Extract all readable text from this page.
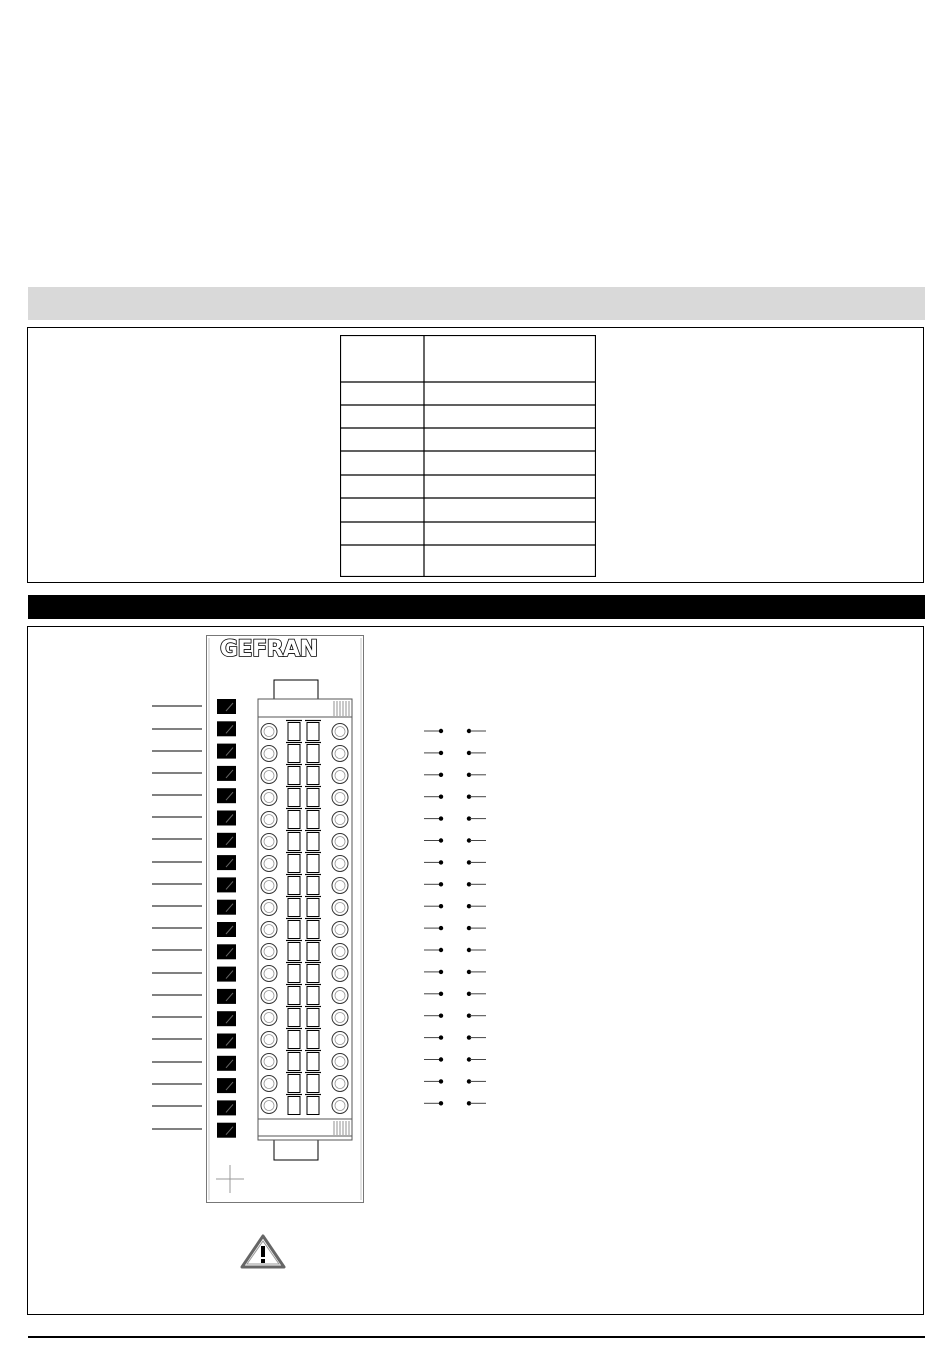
GEFRAN
